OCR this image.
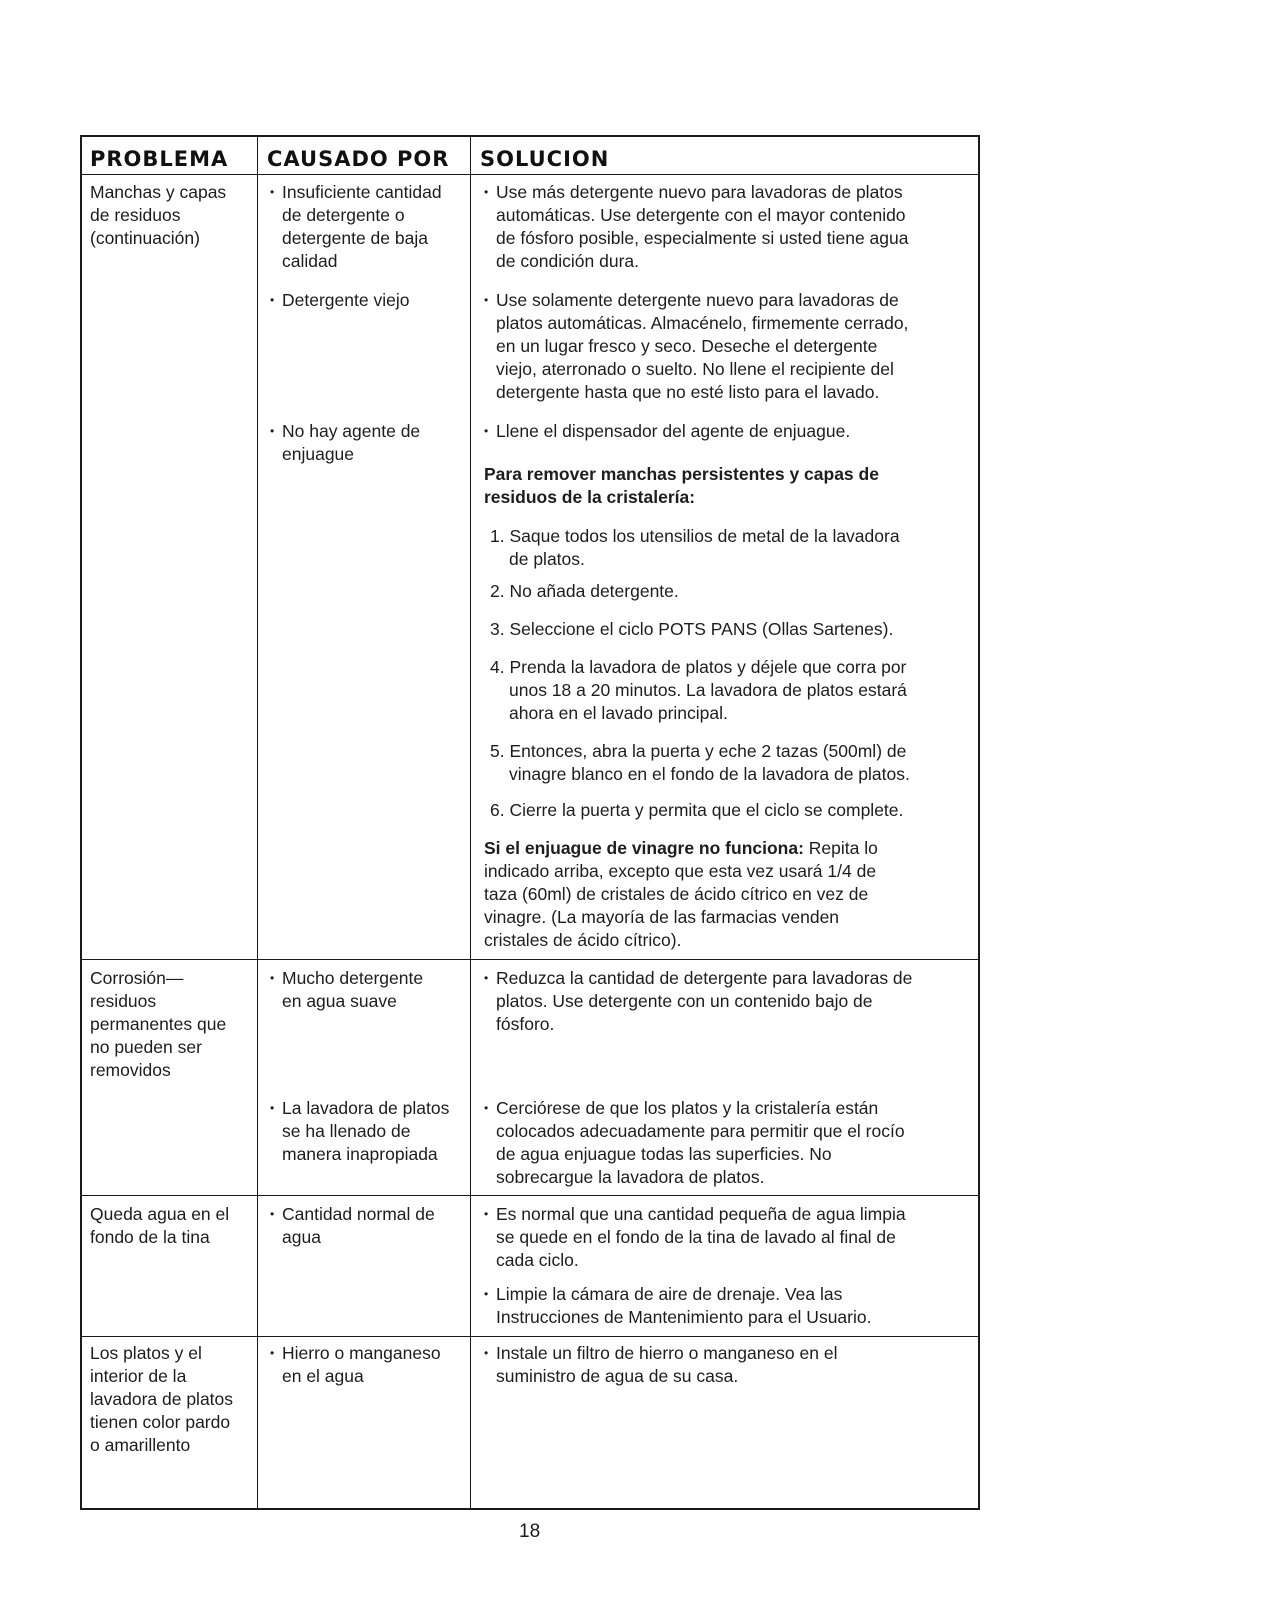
PROBLEMA CAUSADO POR SOLUCION
Manchas y capas
de residuos
(continuación)
• Insuficiente cantidad
de detergente o
detergente de baja
calidad
• Use más detergente nuevo para lavadoras de platos
automáticas. Use detergente con el mayor contenido
de fósforo posible, especialmente si usted tiene agua
de condición dura.
• Detergente viejo	• Use solamente detergente nuevo para lavadoras de
platos automáticas. Almacénelo, firmemente cerrado,
en un lugar fresco y seco. Deseche el detergente
viejo, aterronado o suelto. No llene el recipiente del
detergente hasta que no esté listo para el lavado.
• No hay agente de
enjuague
• Llene el dispensador del agente de enjuague.
Para remover manchas persistentes y capas de
residuos de la cristalería:
1. Saque todos los utensilios de metal de la lavadora
de platos.
2. No añada detergente.
3. Seleccione el ciclo POTS PANS (Ollas Sartenes).
4. Prenda la lavadora de platos y déjele que corra por
unos 18 a 20 minutos. La lavadora de platos estará
ahora en el lavado principal.
5. Entonces, abra la puerta y eche 2 tazas (500ml) de
vinagre blanco en el fondo de la lavadora de platos.
6. Cierre la puerta y permita que el ciclo se complete.
Si el enjuague de vinagre no funciona: Repita lo
indicado arriba, excepto que esta vez usará 1/4 de
taza (60ml) de cristales de ácido cítrico en vez de
vinagre. (La mayoría de las farmacias venden
cristales de ácido cítrico).
Corrosión—
residuos
permanentes que
no pueden ser
removidos
• Mucho detergente
en agua suave
• Reduzca la cantidad de detergente para lavadoras de
platos. Use detergente con un contenido bajo de
fósforo.
• La lavadora de platos
se ha llenado de
manera inapropiada
• Cerciórese de que los platos y la cristalería están
colocados adecuadamente para permitir que el rocío
de agua enjuague todas las superficies. No
sobrecargue la lavadora de platos.
Queda agua en el
fondo de la tina
• Cantidad normal de
agua
• Es normal que una cantidad pequeña de agua limpia
se quede en el fondo de la tina de lavado al final de
cada ciclo.
• Limpie la cámara de aire de drenaje. Vea las
Instrucciones de Mantenimiento para el Usuario.
Los platos y el
interior de la
lavadora de platos
tienen color pardo
o amarillento
• Hierro o manganeso
en el agua
• Instale un filtro de hierro o manganeso en el
suministro de agua de su casa.
18
